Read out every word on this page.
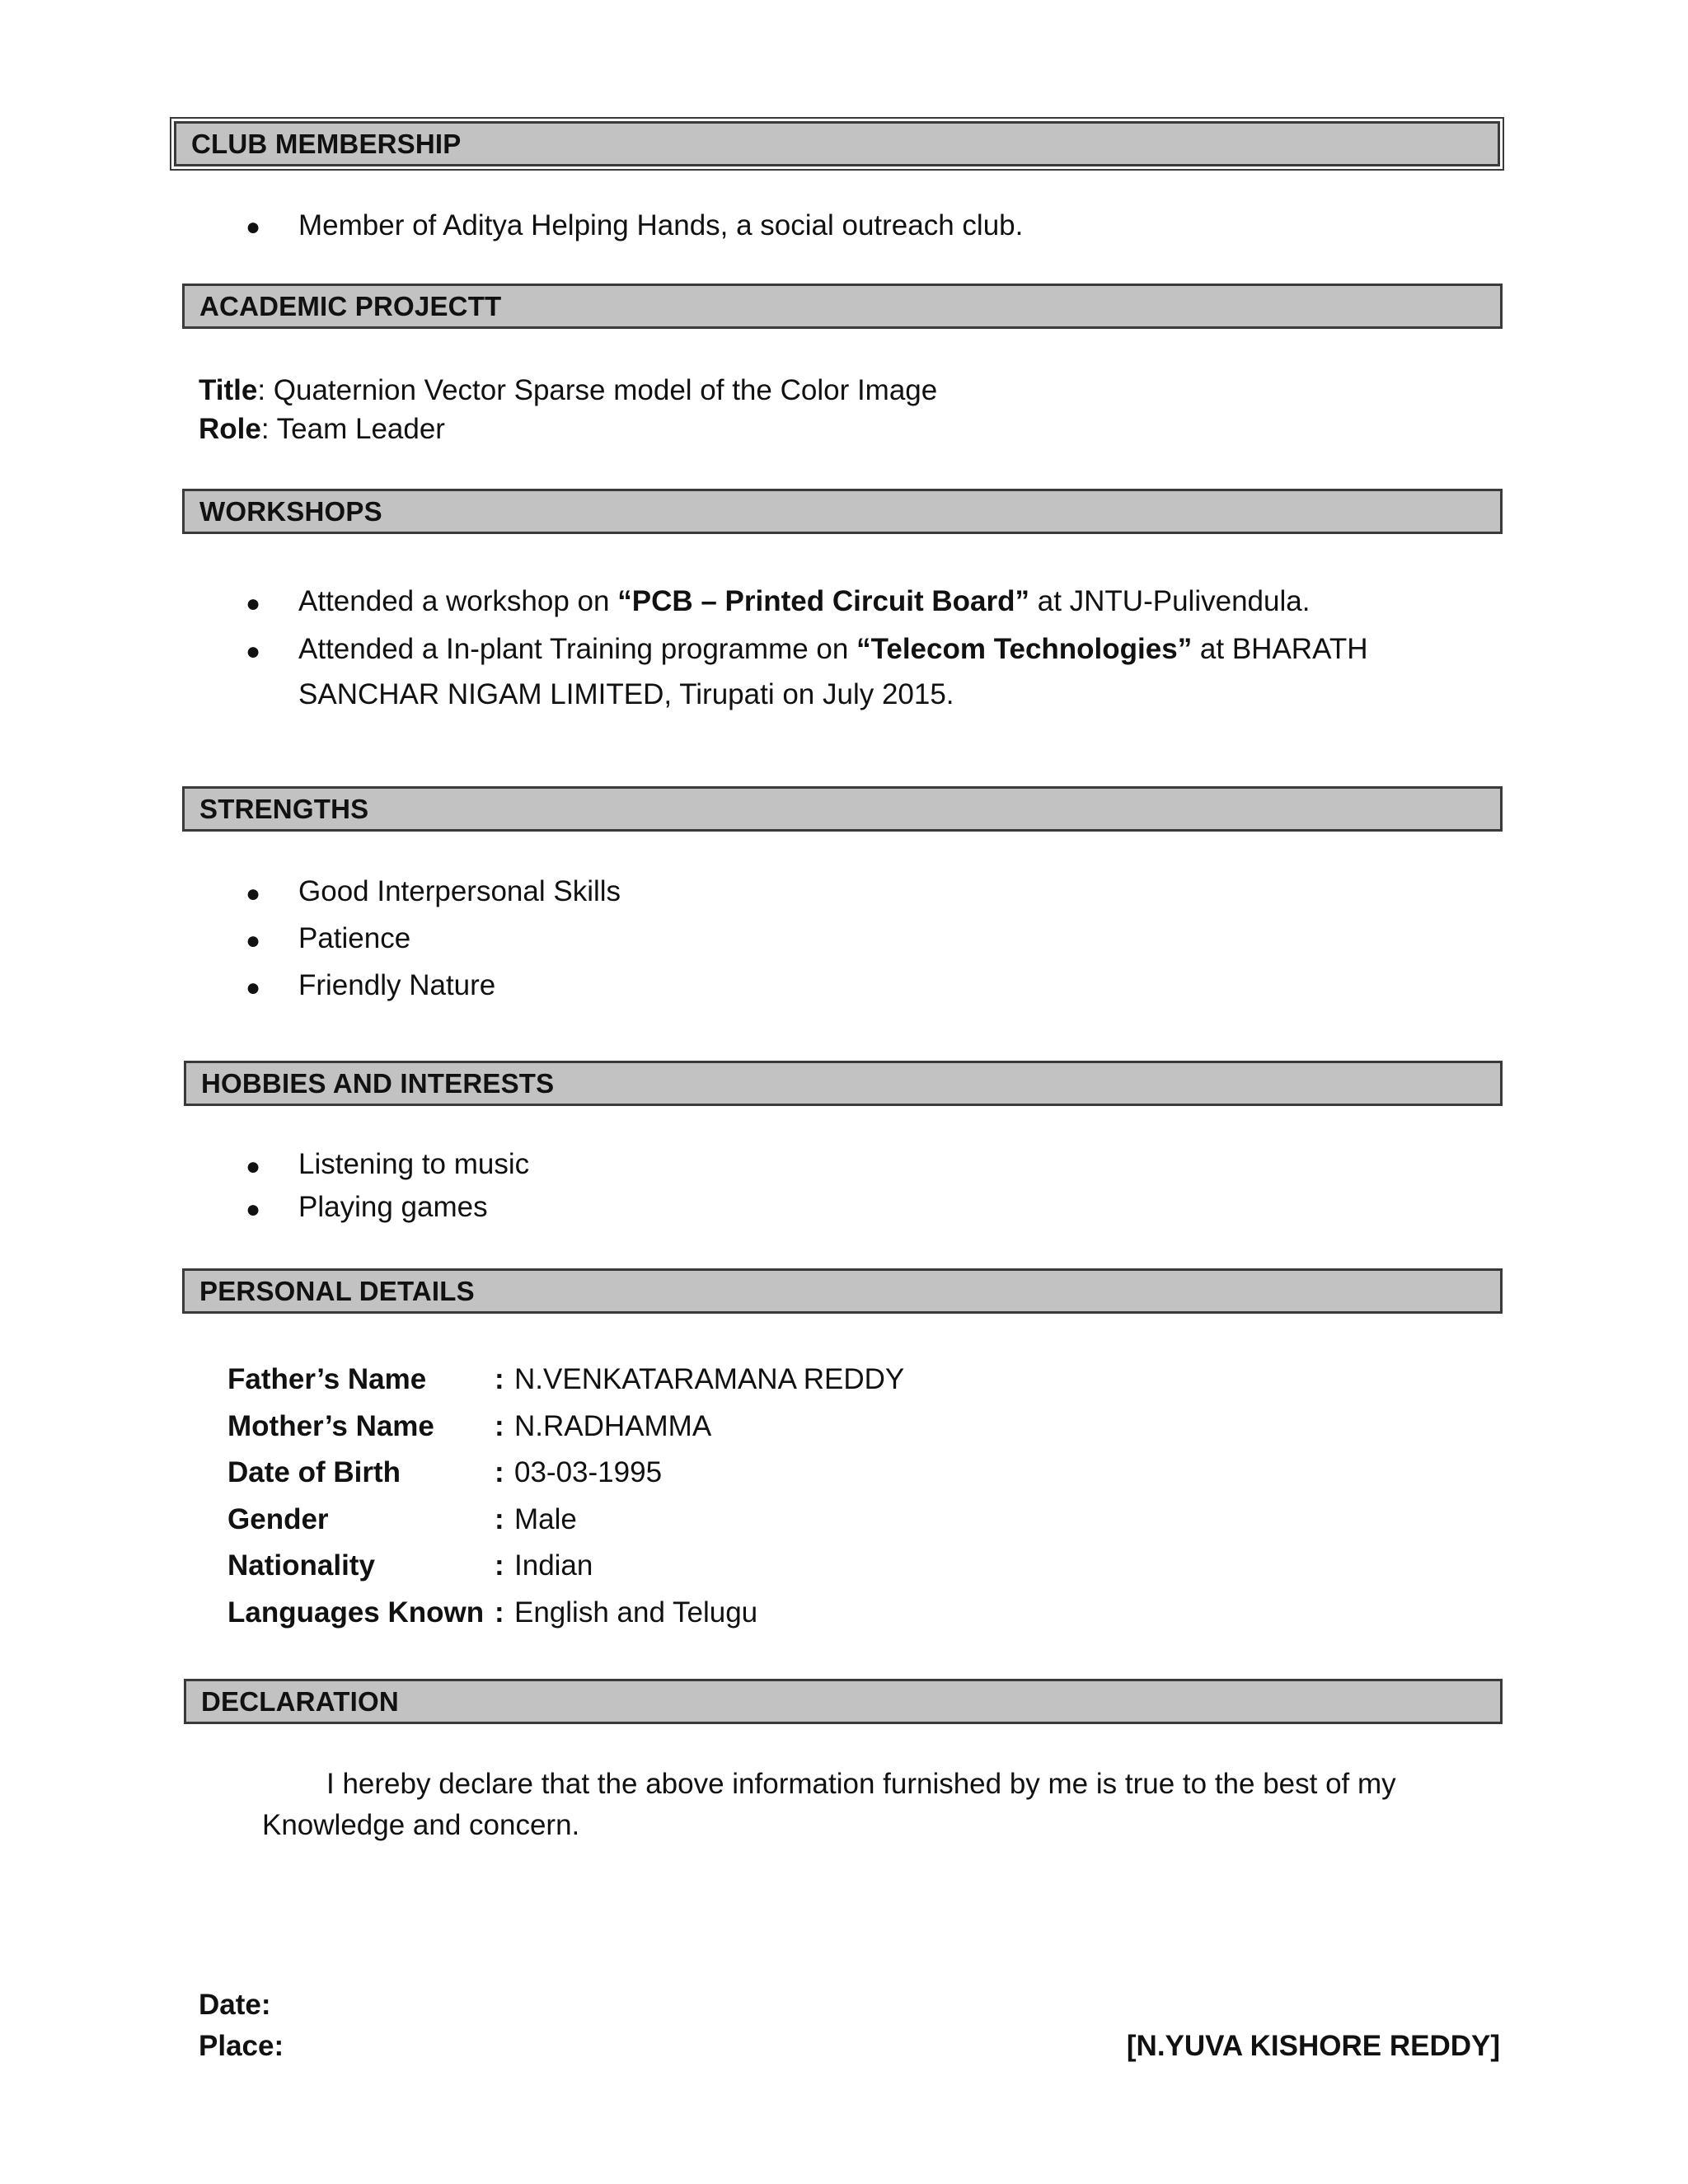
CLUB MEMBERSHIP
● Member of Aditya Helping Hands, a social outreach club.
ACADEMIC PROJECTT
Title: Quaternion Vector Sparse model of the Color Image
Role: Team Leader
WORKSHOPS
● Attended a workshop on “PCB – Printed Circuit Board” at JNTU-Pulivendula.
● Attended a In-plant Training programme on “Telecom Technologies” at BHARATH
SANCHAR NIGAM LIMITED, Tirupati on July 2015.
STRENGTHS
● Good Interpersonal Skills
● Patience
● Friendly Nature
HOBBIES AND INTERESTS
● Listening to music
● Playing games
PERSONAL DETAILS
Father’s Name : N.VENKATARAMANA REDDY
Mother’s Name : N.RADHAMMA
Date of Birth	: 03-03-1995
Gender	: Male
Nationality	: Indian
Languages Known : English and Telugu
DECLARATION
I hereby declare that the above information furnished by me is true to the best of my
Knowledge and concern.
Date:
Place:	[N.YUVA KISHORE REDDY]
